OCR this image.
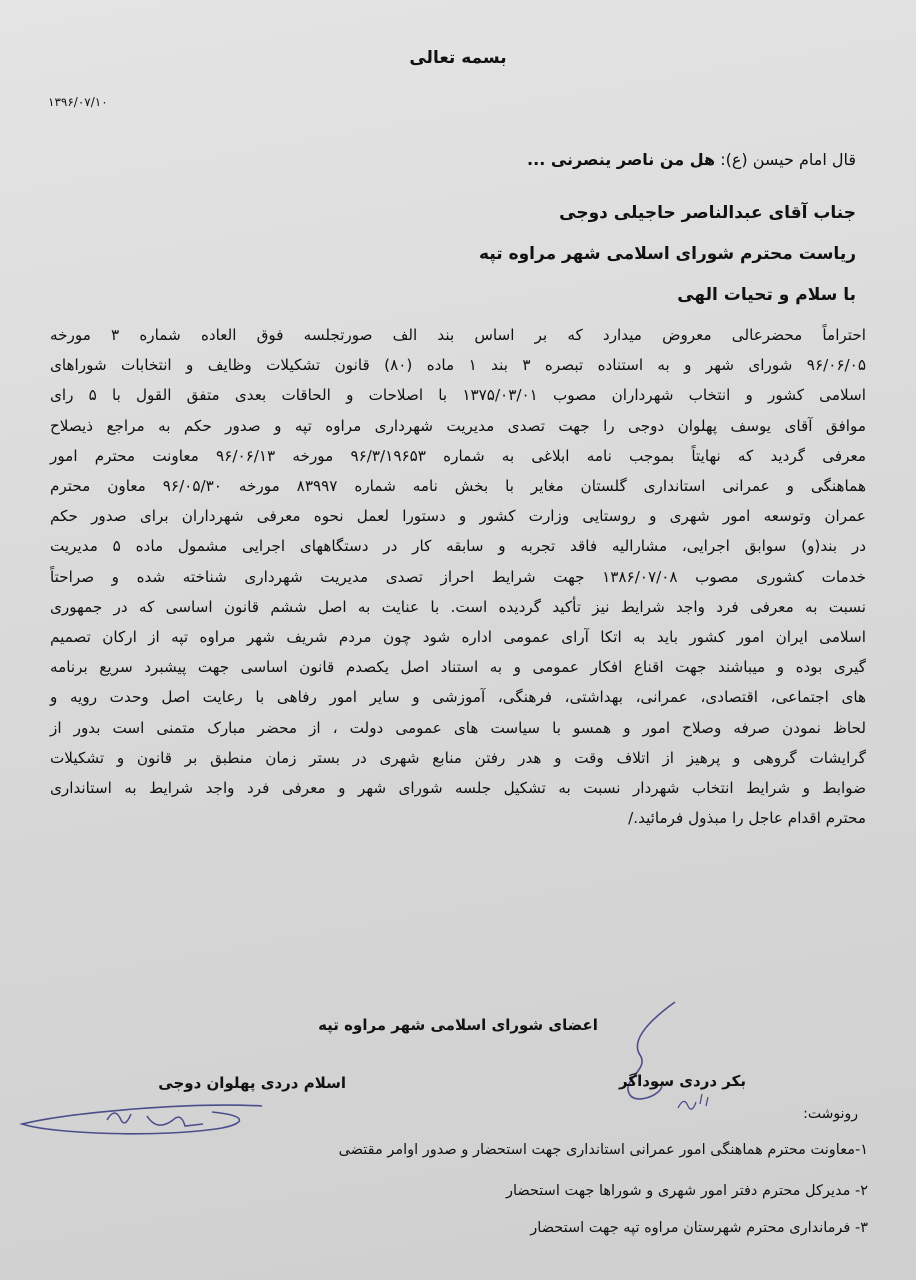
بسمه تعالی
۱۳۹۶/۰۷/۱۰
قال امام حیسن (ع): هل من ناصر ینصرنی ...
جناب آقای عبدالناصر حاجیلی دوجی
ریاست محترم شورای اسلامی شهر مراوه تپه
با سلام و تحیات الهی
احتراماً محضرعالی معروض میدارد که بر اساس بند الف صورتجلسه فوق العاده شماره ۳ مورخه
۹۶/۰۶/۰۵ شورای شهر و به استناده تبصره ۳ بند ۱ ماده (۸۰) قانون تشکیلات وظایف و انتخابات شوراهای
اسلامی کشور و انتخاب شهرداران مصوب ۱۳۷۵/۰۳/۰۱ با اصلاحات و الحاقات بعدی متفق القول با ۵ رای
موافق آقای یوسف پهلوان دوجی را جهت تصدی مدیریت شهرداری مراوه تپه و صدور حکم به مراجع ذیصلاح
معرفی گردید که نهایتاً بموجب نامه ابلاغی به شماره ۹۶/۳/۱۹۶۵۳ مورخه ۹۶/۰۶/۱۳ معاونت محترم امور
هماهنگی و عمرانی استانداری گلستان مغایر با بخش نامه شماره ۸۳۹۹۷ مورخه ۹۶/۰۵/۳۰ معاون محترم
عمران وتوسعه امور شهری و روستایی وزارت کشور و دستورا لعمل نحوه معرفی شهرداران برای صدور حکم
در بند(و) سوابق اجرایی، مشارالیه فاقد تجربه و سابقه کار در دستگاههای اجرایی مشمول ماده ۵ مدیریت
خدمات کشوری مصوب ۱۳۸۶/۰۷/۰۸ جهت شرایط احراز تصدی مدیریت شهرداری شناخته شده و صراحتاً
نسبت به معرفی فرد واجد شرایط نیز تأکید گردیده است. با عنایت به اصل ششم قانون اساسی که در جمهوری
اسلامی ایران امور کشور باید به اتکا آرای عمومی اداره شود چون مردم شریف شهر مراوه تپه از ارکان تصمیم
گیری بوده و میباشند جهت اقناع افکار عمومی و به استناد اصل یکصدم قانون اساسی جهت پیشبرد سریع برنامه
های اجتماعی، اقتصادی، عمرانی، بهداشتی، فرهنگی، آموزشی و سایر امور رفاهی با رعایت اصل وحدت رویه و
لحاظ نمودن صرفه وصلاح امور و همسو با سیاست های عمومی دولت ، از محضر مبارک متمنی است بدور از
گرایشات گروهی و پرهیز از اتلاف وقت و هدر رفتن منابع شهری در بستر زمان منطبق بر قانون و تشکیلات
ضوابط و شرایط انتخاب شهردار نسبت به تشکیل جلسه شورای شهر و معرفی فرد واجد شرایط به استانداری
محترم اقدام عاجل را مبذول فرمائید./
اعضای شورای اسلامی شهر مراوه تپه
بکر دردی سوداگر
اسلام دردی پهلوان دوجی
رونوشت:
۱-معاونت محترم هماهنگی امور عمرانی استانداری جهت استحضار و صدور اوامر مقتضی
۲- مدیرکل محترم دفتر امور شهری و شوراها جهت استحضار
۳- فرمانداری محترم شهرستان مراوه تپه جهت استحضار
